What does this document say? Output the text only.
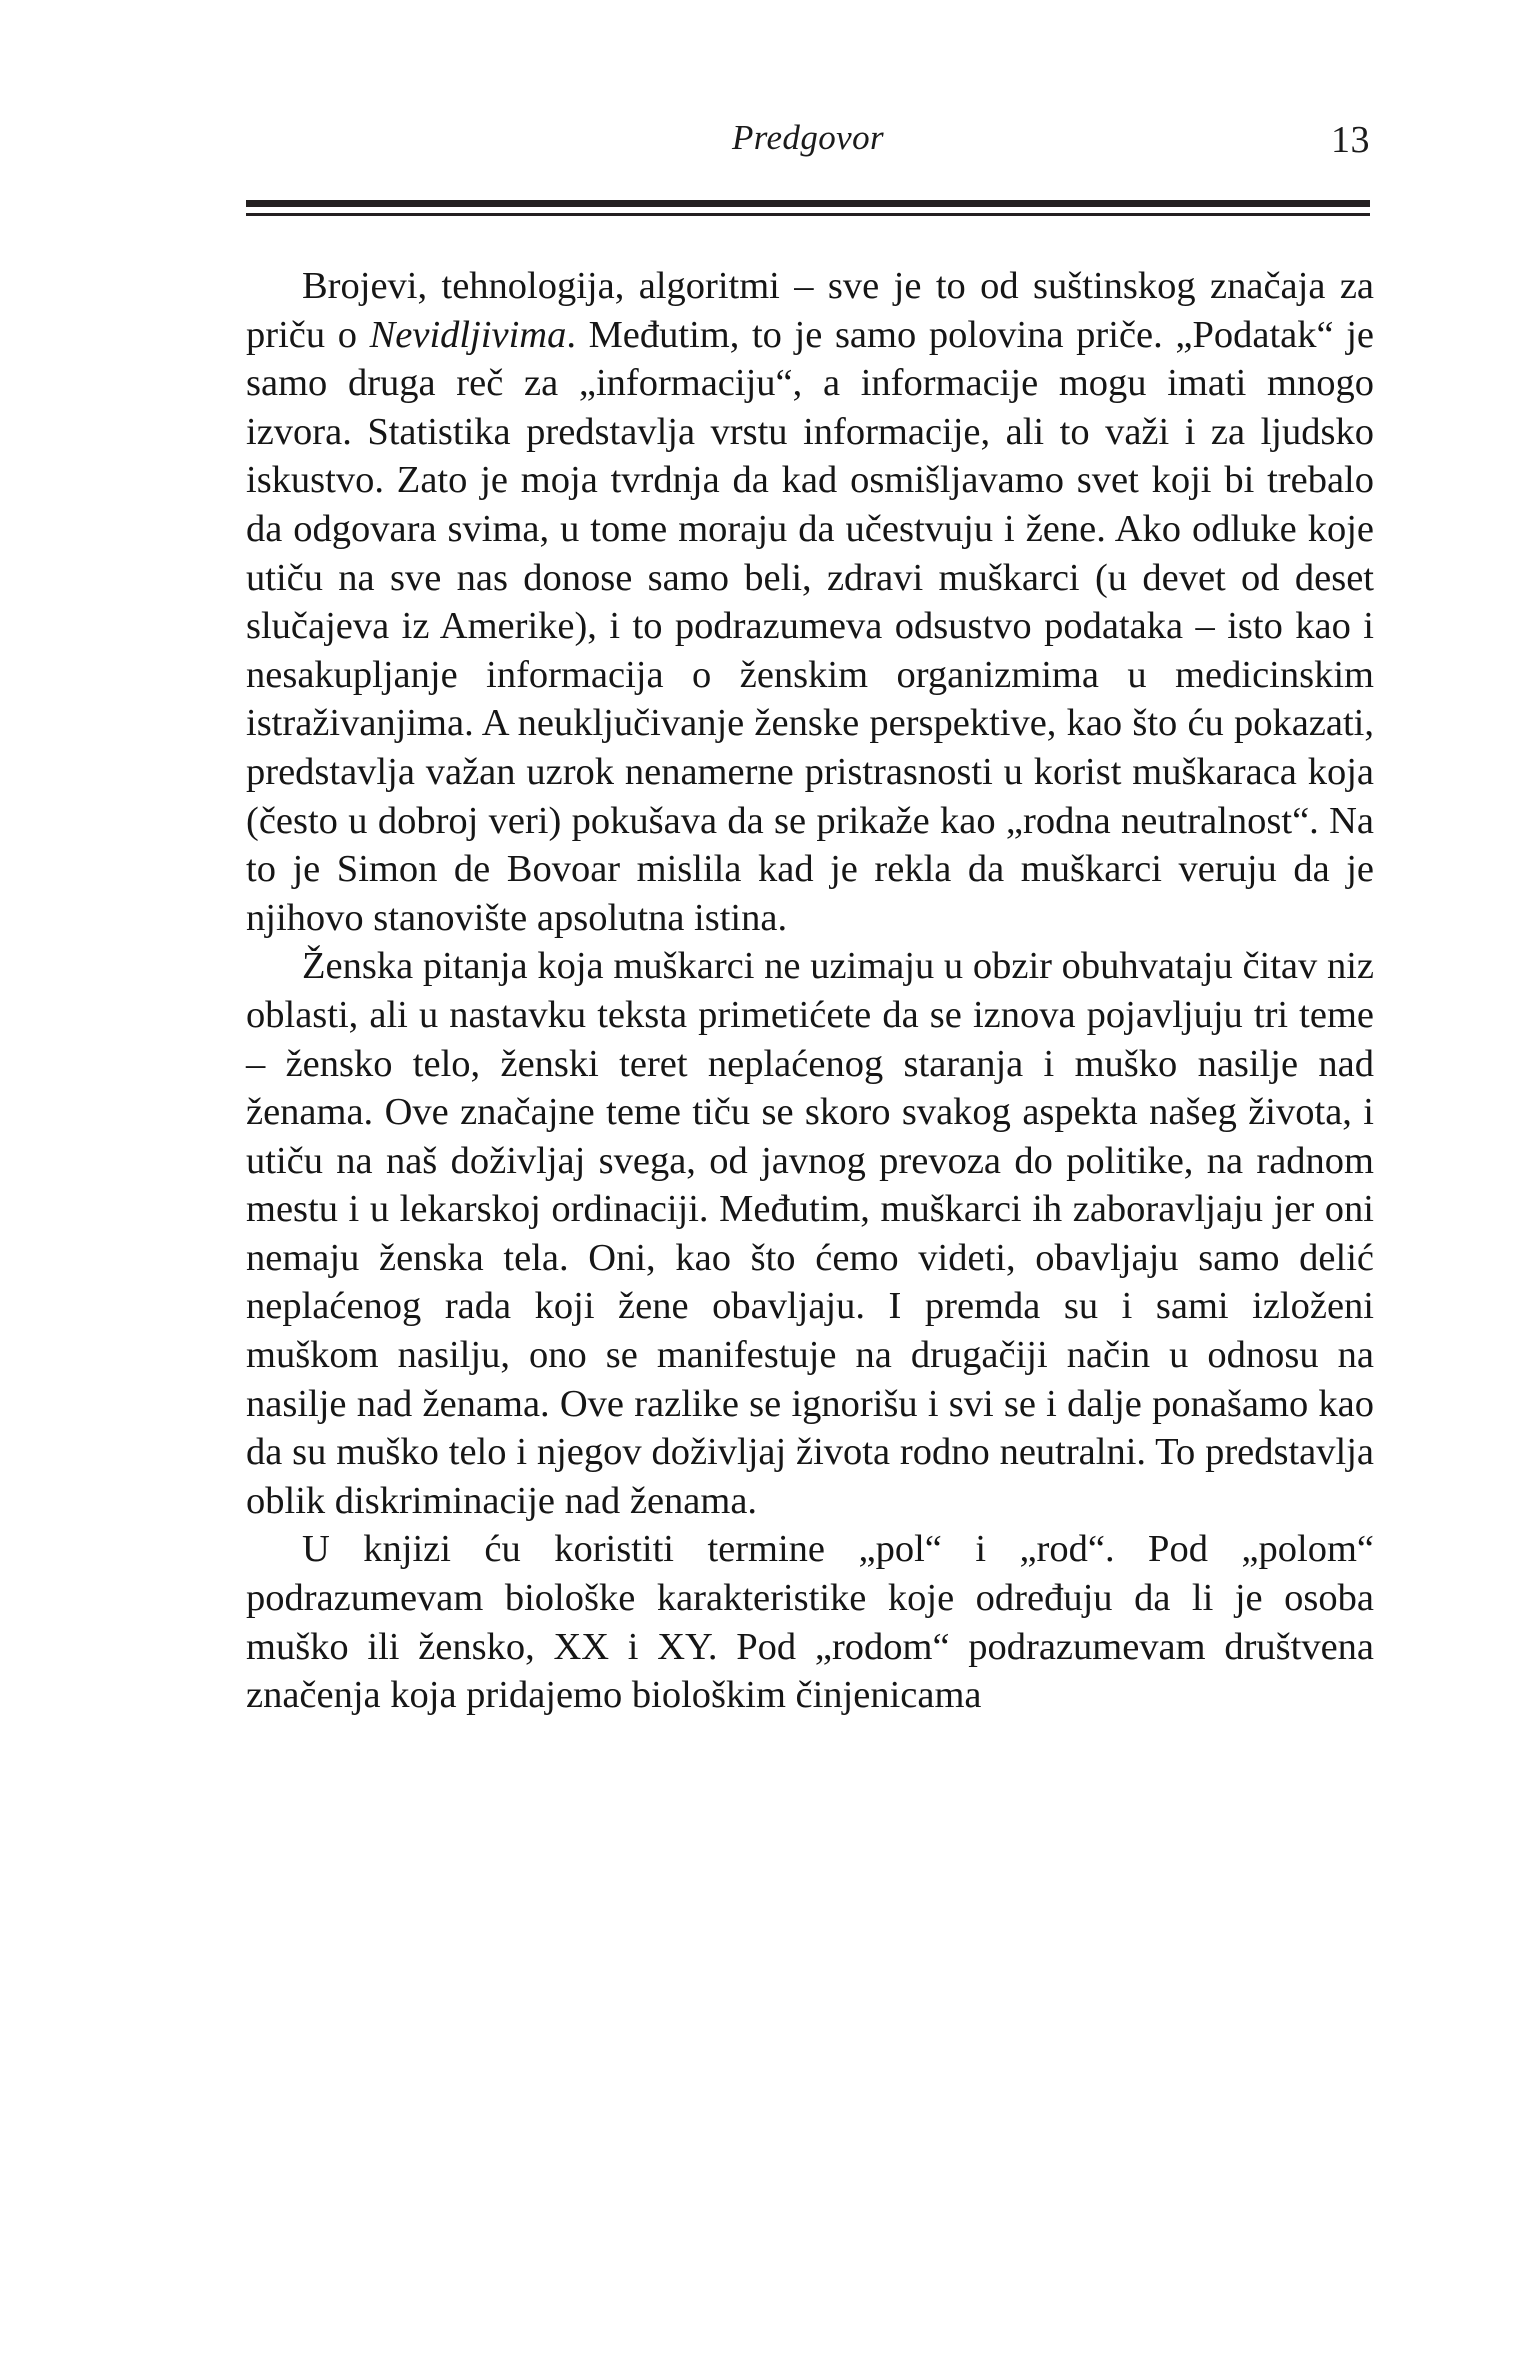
Predgovor	13

Brojevi, tehnologija, algoritmi – sve je to od suštinskog značaja za priču o Nevidljivima. Međutim, to je samo polovina priče. „Podatak“ je samo druga reč za „informaciju“, a informacije mogu imati mnogo izvora. Statistika predstavlja vrstu informacije, ali to važi i za ljudsko iskustvo. Zato je moja tvrdnja da kad osmišljavamo svet koji bi trebalo da odgovara svima, u tome moraju da učestvuju i žene. Ako odluke koje utiču na sve nas donose samo beli, zdravi muškarci (u devet od deset slučajeva iz Amerike), i to podrazumeva odsustvo podataka – isto kao i nesakupljanje informacija o ženskim organizmima u medicinskim istraživanjima. A neuključivanje ženske perspektive, kao što ću pokazati, predstavlja važan uzrok nenamerne pristrasnosti u korist muškaraca koja (često u dobroj veri) pokušava da se prikaže kao „rodna neutralnost“. Na to je Simon de Bovoar mislila kad je rekla da muškarci veruju da je njihovo stanovište apsolutna istina.

Ženska pitanja koja muškarci ne uzimaju u obzir obuhvataju čitav niz oblasti, ali u nastavku teksta primetićete da se iznova pojavljuju tri teme – žensko telo, ženski teret neplaćenog staranja i muško nasilje nad ženama. Ove značajne teme tiču se skoro svakog aspekta našeg života, i utiču na naš doživljaj svega, od javnog prevoza do politike, na radnom mestu i u lekarskoj ordinaciji. Međutim, muškarci ih zaboravljaju jer oni nemaju ženska tela. Oni, kao što ćemo videti, obavljaju samo delić neplaćenog rada koji žene obavljaju. I premda su i sami izloženi muškom nasilju, ono se manifestuje na drugačiji način u odnosu na nasilje nad ženama. Ove razlike se ignorišu i svi se i dalje ponašamo kao da su muško telo i njegov doživljaj života rodno neutralni. To predstavlja oblik diskriminacije nad ženama.

U knjizi ću koristiti termine „pol“ i „rod“. Pod „polom“ podrazumevam biološke karakteristike koje određuju da li je osoba muško ili žensko, XX i XY. Pod „rodom“ podrazumevam društvena značenja koja pridajemo biološkim činjenicama
